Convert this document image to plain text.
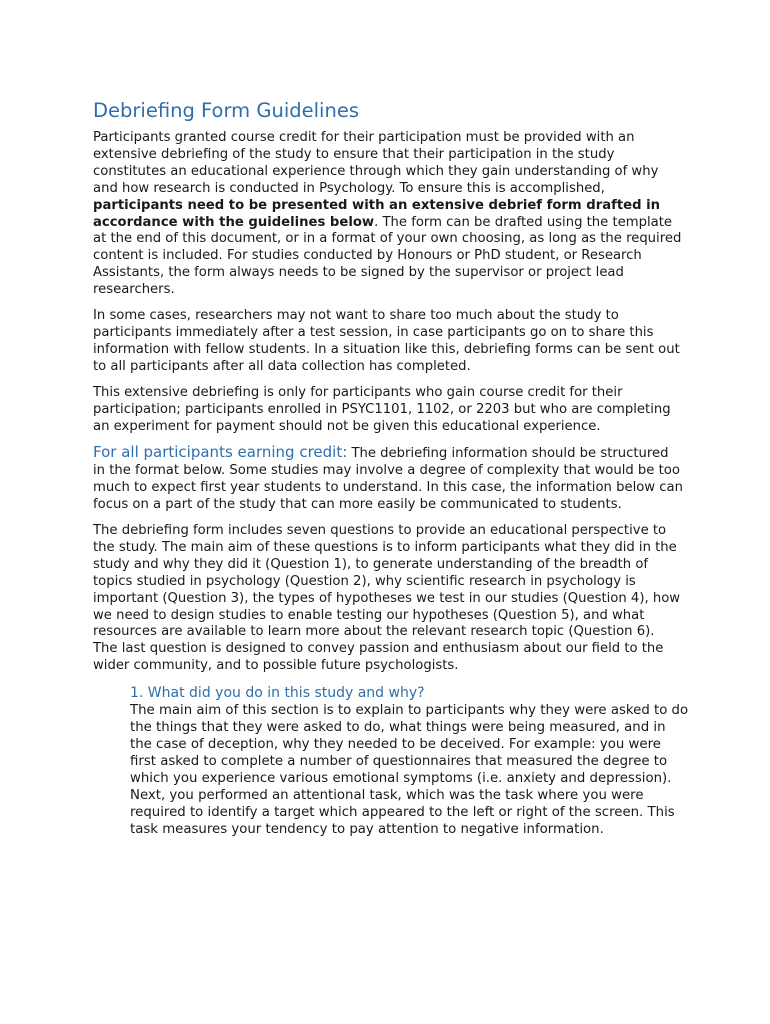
Debriefing Form Guidelines

Participants granted course credit for their participation must be provided with an extensive debriefing of the study to ensure that their participation in the study constitutes an educational experience through which they gain understanding of why and how research is conducted in Psychology. To ensure this is accomplished, participants need to be presented with an extensive debrief form drafted in accordance with the guidelines below. The form can be drafted using the template at the end of this document, or in a format of your own choosing, as long as the required content is included. For studies conducted by Honours or PhD student, or Research Assistants, the form always needs to be signed by the supervisor or project lead researchers.

In some cases, researchers may not want to share too much about the study to participants immediately after a test session, in case participants go on to share this information with fellow students. In a situation like this, debriefing forms can be sent out to all participants after all data collection has completed.

This extensive debriefing is only for participants who gain course credit for their participation; participants enrolled in PSYC1101, 1102, or 2203 but who are completing an experiment for payment should not be given this educational experience.

For all participants earning credit: The debriefing information should be structured in the format below. Some studies may involve a degree of complexity that would be too much to expect first year students to understand. In this case, the information below can focus on a part of the study that can more easily be communicated to students.

The debriefing form includes seven questions to provide an educational perspective to the study. The main aim of these questions is to inform participants what they did in the study and why they did it (Question 1), to generate understanding of the breadth of topics studied in psychology (Question 2), why scientific research in psychology is important (Question 3), the types of hypotheses we test in our studies (Question 4), how we need to design studies to enable testing our hypotheses (Question 5), and what resources are available to learn more about the relevant research topic (Question 6). The last question is designed to convey passion and enthusiasm about our field to the wider community, and to possible future psychologists.

1. What did you do in this study and why?

The main aim of this section is to explain to participants why they were asked to do the things that they were asked to do, what things were being measured, and in the case of deception, why they needed to be deceived. For example: you were first asked to complete a number of questionnaires that measured the degree to which you experience various emotional symptoms (i.e. anxiety and depression). Next, you performed an attentional task, which was the task where you were required to identify a target which appeared to the left or right of the screen. This task measures your tendency to pay attention to negative information.
